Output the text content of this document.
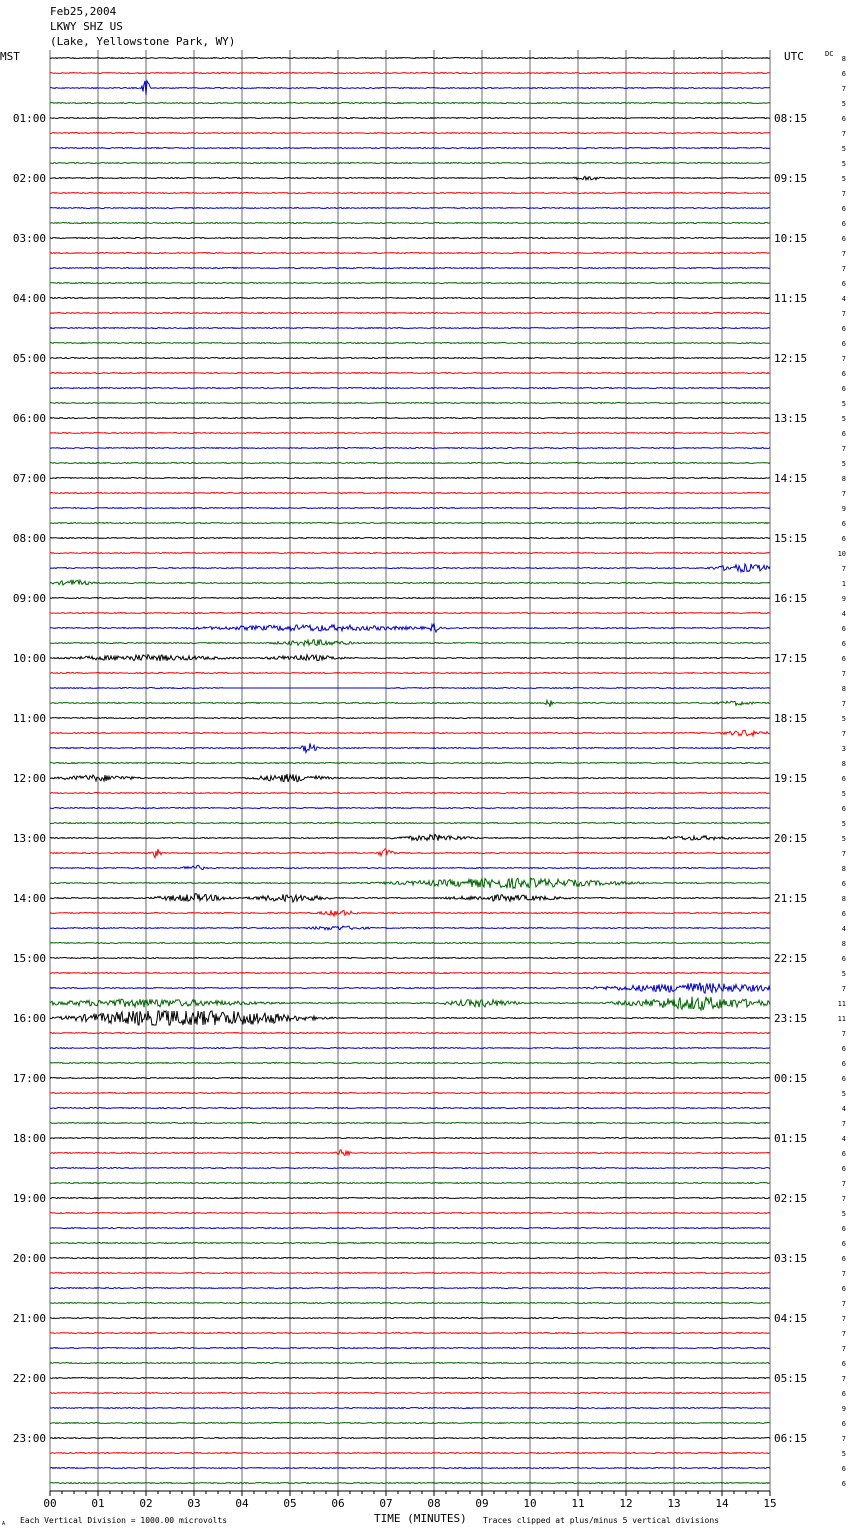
01:00
02:00
03:00
04:00
05:00
06:00
07:00
08:00
09:00
10:00
11:00
12:00
13:00
14:00
15:00
16:00
17:00
18:00
19:00
20:00
21:00
22:00
23:00
08:15
09:15
10:15
11:15
12:15
13:15
14:15
15:15
16:15
17:15
18:15
19:15
20:15
21:15
22:15
23:15
00:15
01:15
02:15
03:15
04:15
05:15
06:15
8
6
7
5
6
7
5
5
5
7
6
6
6
7
7
6
4
7
6
6
7
6
6
5
5
6
7
5
8
7
9
6
6
10
7
1
9
4
6
6
6
7
8
7
5
7
3
8
6
5
6
5
5
7
8
6
8
6
4
8
6
5
7
11
11
7
6
6
6
5
4
7
4
6
6
7
7
5
6
6
6
7
6
7
7
7
7
6
7
6
9
6
7
5
6
6
00	01	02	03	04	05	06	07	08	09	10	11	12	13	14	15
MST	UTC	DC
TIME (MINUTES)
A Each Vertical Division = 1000.00 microvolts	Traces clipped at plus/minus 5 vertical divisions
Feb25,2004
LKWY SHZ US
(Lake, Yellowstone Park, WY)
